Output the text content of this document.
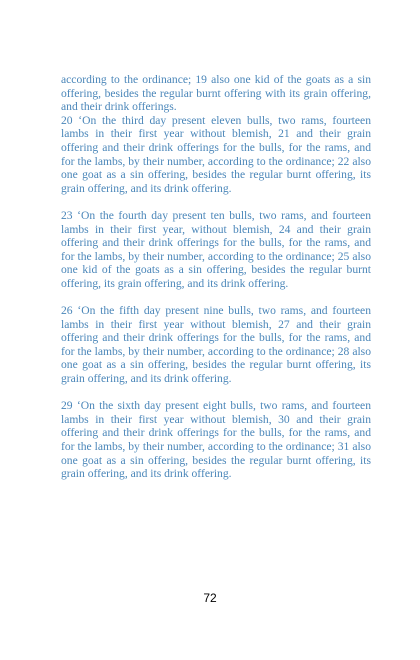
according to the ordinance; 19 also one kid of the goats as a sin offering, besides the regular burnt offering with its grain offering, and their drink offerings.

20 ‘On the third day present eleven bulls, two rams, fourteen lambs in their first year without blemish, 21 and their grain offering and their drink offerings for the bulls, for the rams, and for the lambs, by their number, according to the ordinance; 22 also one goat as a sin offering, besides the regular burnt offering, its grain offering, and its drink offering.

23 ‘On the fourth day present ten bulls, two rams, and fourteen lambs in their first year, without blemish, 24 and their grain offering and their drink offerings for the bulls, for the rams, and for the lambs, by their number, according to the ordinance; 25 also one kid of the goats as a sin offering, besides the regular burnt offering, its grain offering, and its drink offering.

26 ‘On the fifth day present nine bulls, two rams, and fourteen lambs in their first year without blemish, 27 and their grain offering and their drink offerings for the bulls, for the rams, and for the lambs, by their number, according to the ordinance; 28 also one goat as a sin offering, besides the regular burnt offering, its grain offering, and its drink offering.

29 ‘On the sixth day present eight bulls, two rams, and fourteen lambs in their first year without blemish, 30 and their grain offering and their drink offerings for the bulls, for the rams, and for the lambs, by their number, according to the ordinance; 31 also one goat as a sin offering, besides the regular burnt offering, its grain offering, and its drink offering.

72
